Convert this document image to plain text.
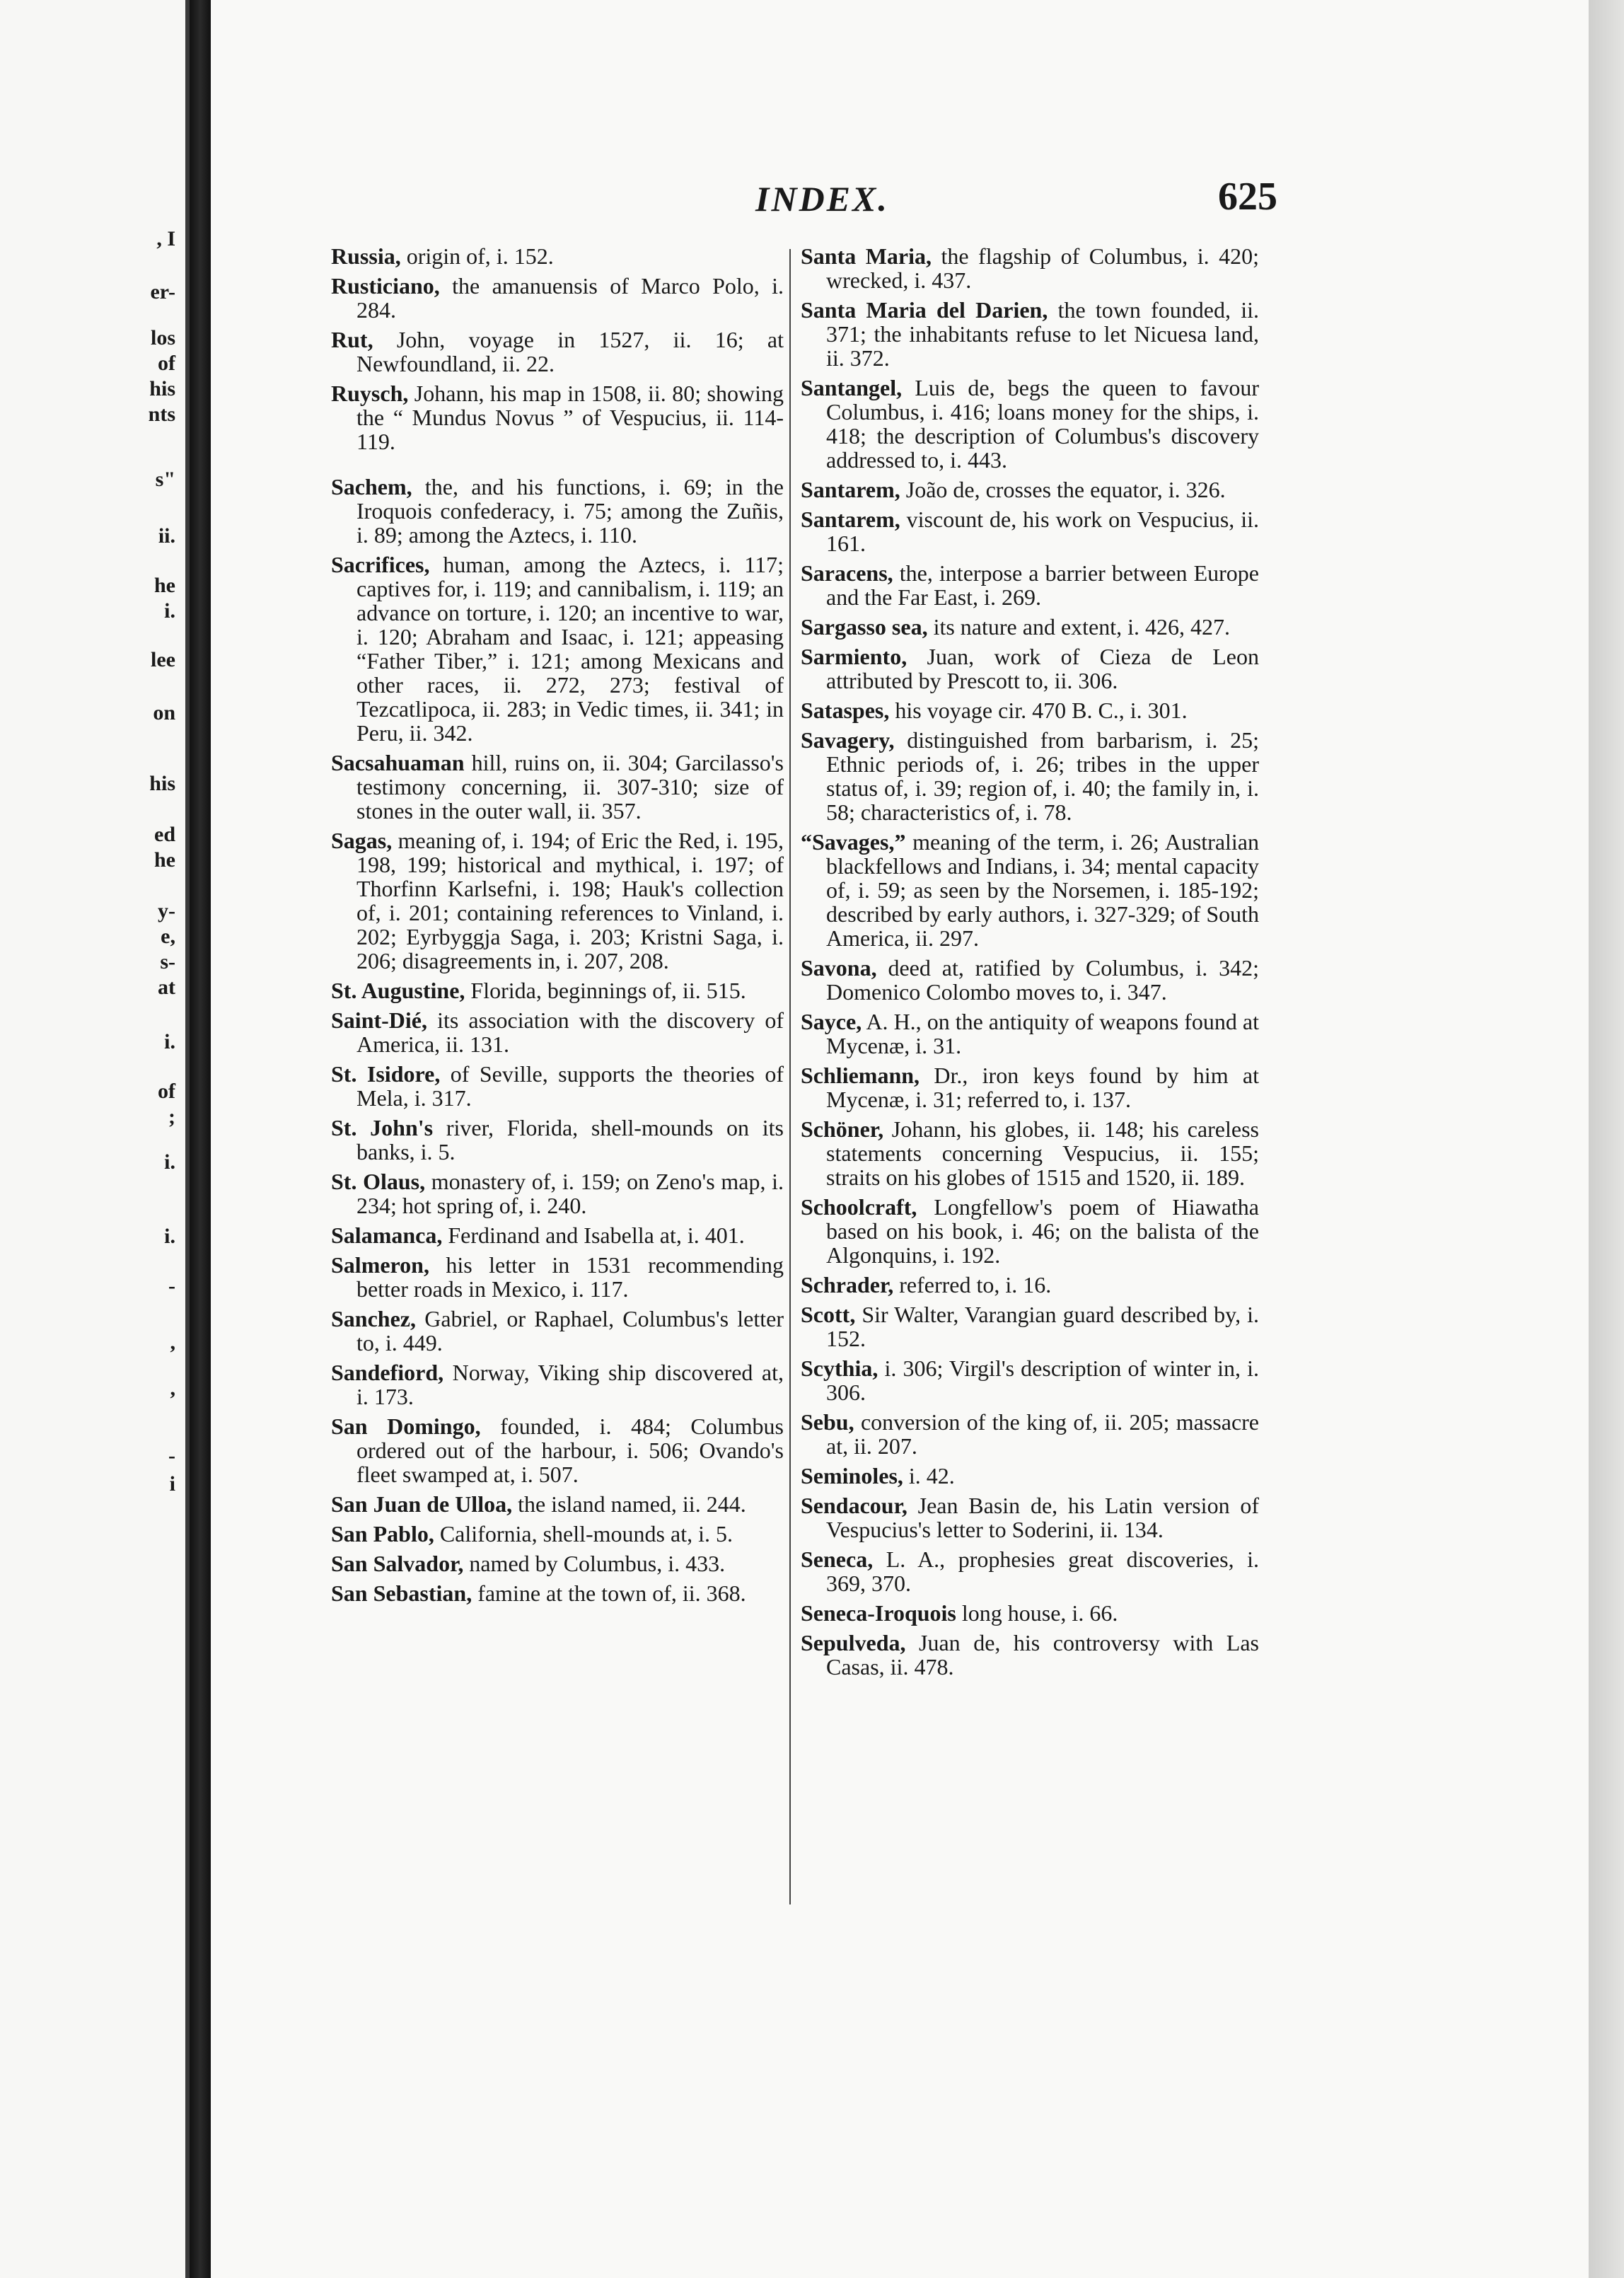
, I
er-
los
of
his
nts
s"
ii.
he
i.
lee
on
his
ed
he
y-
e,
s-
at
i.
of
;
i.
i.
-
,
,
-
i
INDEX.	625

Russia, origin of, i. 152.

Rusticiano, the amanuensis of Marco Polo, i. 284.

Rut, John, voyage in 1527, ii. 16; at Newfoundland, ii. 22.

Ruysch, Johann, his map in 1508, ii. 80; showing the “ Mundus Novus ” of Vespucius, ii. 114-119.

Sachem, the, and his functions, i. 69; in the Iroquois confederacy, i. 75; among the Zuñis, i. 89; among the Aztecs, i. 110.

Sacrifices, human, among the Aztecs, i. 117; captives for, i. 119; and cannibalism, i. 119; an advance on torture, i. 120; an incentive to war, i. 120; Abraham and Isaac, i. 121; appeasing “Father Tiber,” i. 121; among Mexicans and other races, ii. 272, 273; festival of Tezcatlipoca, ii. 283; in Vedic times, ii. 341; in Peru, ii. 342.

Sacsahuaman hill, ruins on, ii. 304; Garcilasso's testimony concerning, ii. 307-310; size of stones in the outer wall, ii. 357.

Sagas, meaning of, i. 194; of Eric the Red, i. 195, 198, 199; historical and mythical, i. 197; of Thorfinn Karlsefni, i. 198; Hauk's collection of, i. 201; containing references to Vinland, i. 202; Eyrbyggja Saga, i. 203; Kristni Saga, i. 206; disagreements in, i. 207, 208.

St. Augustine, Florida, beginnings of, ii. 515.

Saint-Dié, its association with the discovery of America, ii. 131.

St. Isidore, of Seville, supports the theories of Mela, i. 317.

St. John's river, Florida, shell-mounds on its banks, i. 5.

St. Olaus, monastery of, i. 159; on Zeno's map, i. 234; hot spring of, i. 240.

Salamanca, Ferdinand and Isabella at, i. 401.

Salmeron, his letter in 1531 recommending better roads in Mexico, i. 117.

Sanchez, Gabriel, or Raphael, Columbus's letter to, i. 449.

Sandefiord, Norway, Viking ship discovered at, i. 173.

San Domingo, founded, i. 484; Columbus ordered out of the harbour, i. 506; Ovando's fleet swamped at, i. 507.

San Juan de Ulloa, the island named, ii. 244.

San Pablo, California, shell-mounds at, i. 5.

San Salvador, named by Columbus, i. 433.

San Sebastian, famine at the town of, ii. 368.

Santa Maria, the flagship of Columbus, i. 420; wrecked, i. 437.

Santa Maria del Darien, the town founded, ii. 371; the inhabitants refuse to let Nicuesa land, ii. 372.

Santangel, Luis de, begs the queen to favour Columbus, i. 416; loans money for the ships, i. 418; the description of Columbus's discovery addressed to, i. 443.

Santarem, João de, crosses the equator, i. 326.

Santarem, viscount de, his work on Vespucius, ii. 161.

Saracens, the, interpose a barrier between Europe and the Far East, i. 269.

Sargasso sea, its nature and extent, i. 426, 427.

Sarmiento, Juan, work of Cieza de Leon attributed by Prescott to, ii. 306.

Sataspes, his voyage cir. 470 B. C., i. 301.

Savagery, distinguished from barbarism, i. 25; Ethnic periods of, i. 26; tribes in the upper status of, i. 39; region of, i. 40; the family in, i. 58; characteristics of, i. 78.

“Savages,” meaning of the term, i. 26; Australian blackfellows and Indians, i. 34; mental capacity of, i. 59; as seen by the Norsemen, i. 185-192; described by early authors, i. 327-329; of South America, ii. 297.

Savona, deed at, ratified by Columbus, i. 342; Domenico Colombo moves to, i. 347.

Sayce, A. H., on the antiquity of weapons found at Mycenæ, i. 31.

Schliemann, Dr., iron keys found by him at Mycenæ, i. 31; referred to, i. 137.

Schöner, Johann, his globes, ii. 148; his careless statements concerning Vespucius, ii. 155; straits on his globes of 1515 and 1520, ii. 189.

Schoolcraft, Longfellow's poem of Hiawatha based on his book, i. 46; on the balista of the Algonquins, i. 192.

Schrader, referred to, i. 16.

Scott, Sir Walter, Varangian guard described by, i. 152.

Scythia, i. 306; Virgil's description of winter in, i. 306.

Sebu, conversion of the king of, ii. 205; massacre at, ii. 207.

Seminoles, i. 42.

Sendacour, Jean Basin de, his Latin version of Vespucius's letter to Soderini, ii. 134.

Seneca, L. A., prophesies great discoveries, i. 369, 370.

Seneca-Iroquois long house, i. 66.

Sepulveda, Juan de, his controversy with Las Casas, ii. 478.
